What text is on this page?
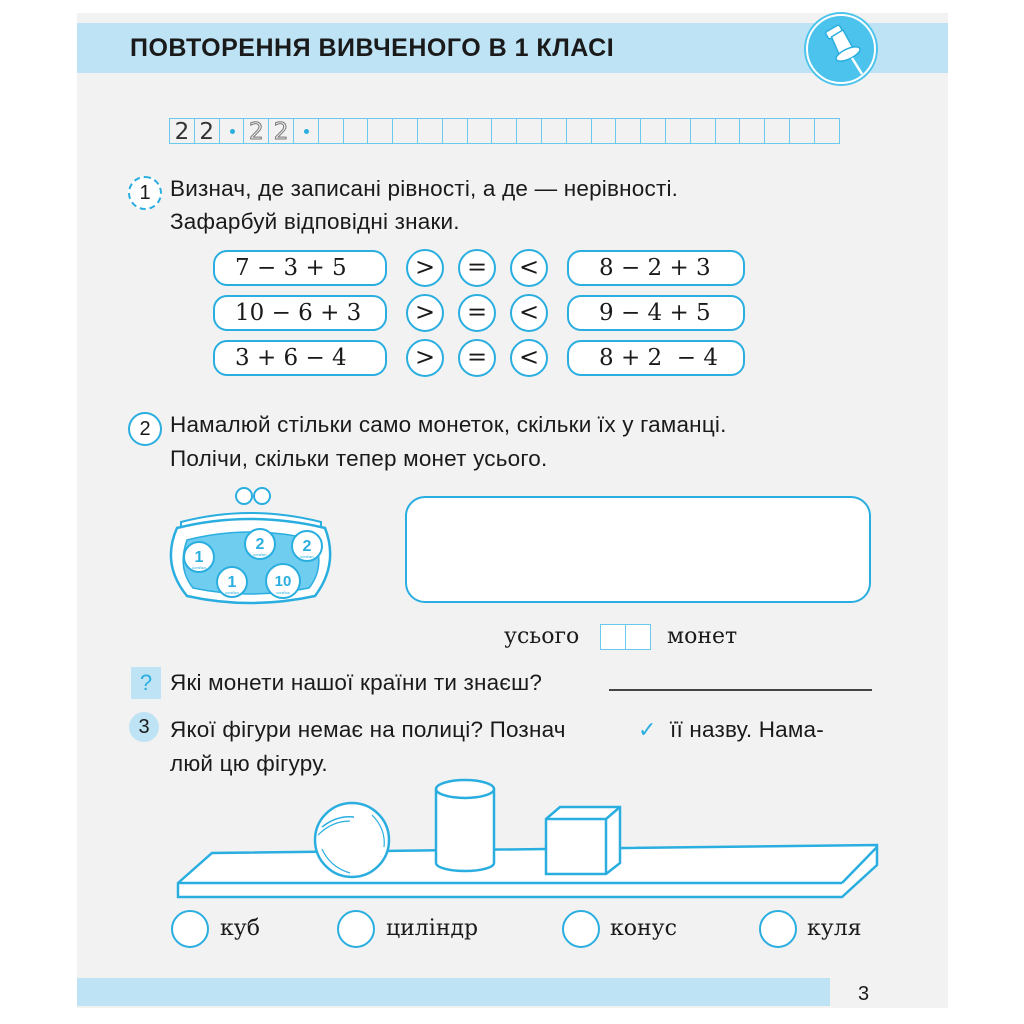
ПОВТОРЕННЯ ВИВЧЕНОГО В 1 КЛАСІ
2 2 2 2
1 Визнач, де записані рівності, а де — нерівності.
Зафарбуй відповідні знаки.
7 − 3 + 5	>	=	<	8 − 2 + 3
10 − 6 + 3	>	=	<	9 − 4 + 5
3 + 6 − 4	>	=	<	8 + 2  − 4
2 Намалюй стільки само монеток, скільки їх у гаманці.
Полічи, скільки тепер монет усього.
1
копійка
2
копійки 2
копійки
1
копійка
10
копійок
усього	монет
? Які монети нашої країни ти знаєш?
3 Якої фігури немає на полиці? Познач	✓ її назву. Нама-
люй цю фігуру.
куб	циліндр	конус	куля
3
